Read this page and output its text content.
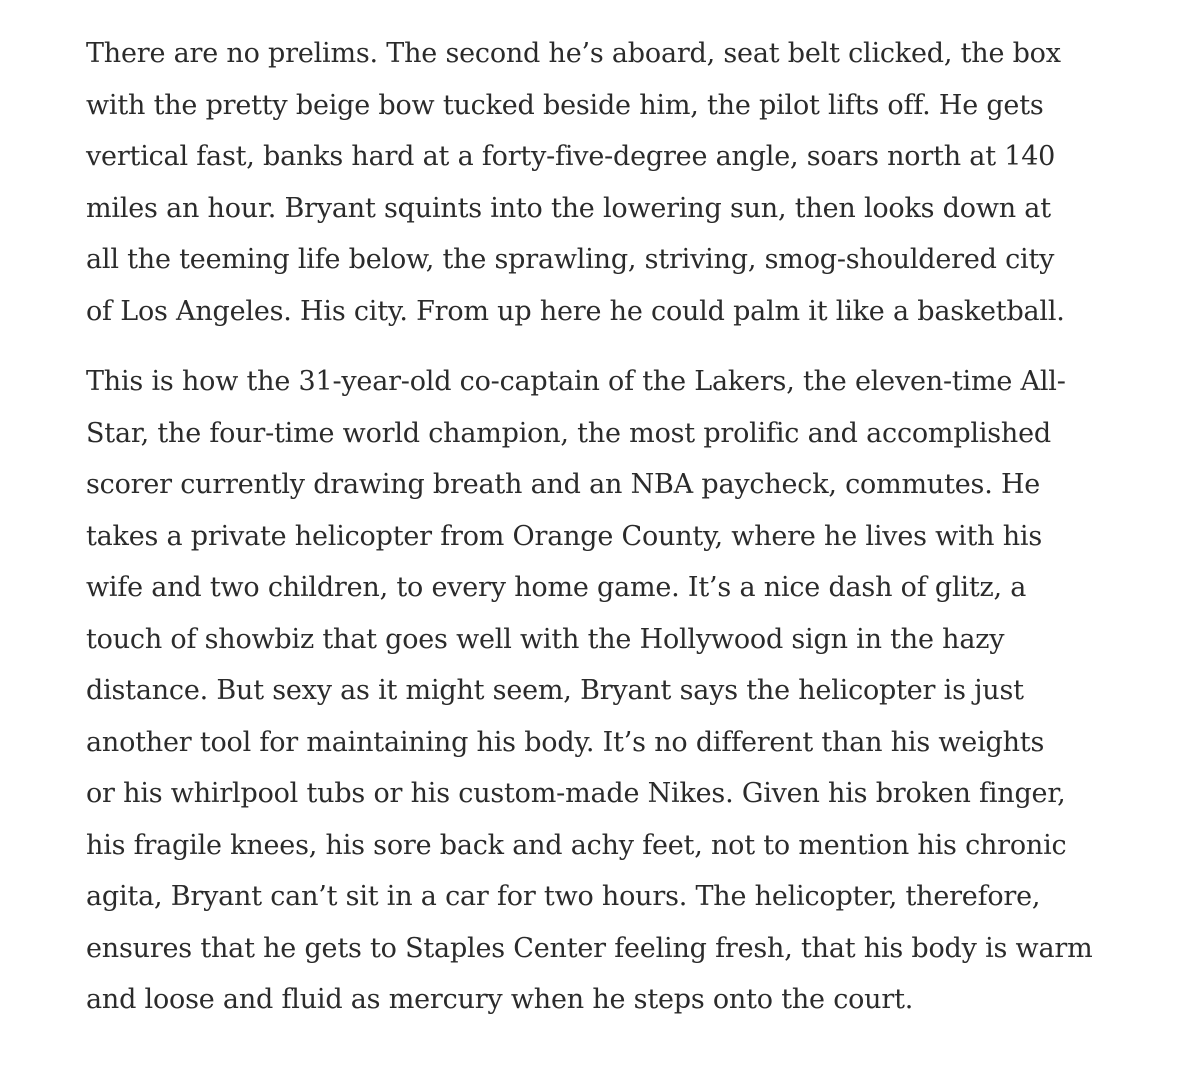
There are no prelims. The second he’s aboard, seat belt clicked, the box
with the pretty beige bow tucked beside him, the pilot lifts off. He gets
vertical fast, banks hard at a forty-five-degree angle, soars north at 140
miles an hour. Bryant squints into the lowering sun, then looks down at
all the teeming life below, the sprawling, striving, smog-shouldered city
of Los Angeles. His city. From up here he could palm it like a basketball.

This is how the 31-year-old co-captain of the Lakers, the eleven-time All-
Star, the four-time world champion, the most prolific and accomplished
scorer currently drawing breath and an NBA paycheck, commutes. He
takes a private helicopter from Orange County, where he lives with his
wife and two children, to every home game. It’s a nice dash of glitz, a
touch of showbiz that goes well with the Hollywood sign in the hazy
distance. But sexy as it might seem, Bryant says the helicopter is just
another tool for maintaining his body. It’s no different than his weights
or his whirlpool tubs or his custom-made Nikes. Given his broken finger,
his fragile knees, his sore back and achy feet, not to mention his chronic
agita, Bryant can’t sit in a car for two hours. The helicopter, therefore,
ensures that he gets to Staples Center feeling fresh, that his body is warm
and loose and fluid as mercury when he steps onto the court.
